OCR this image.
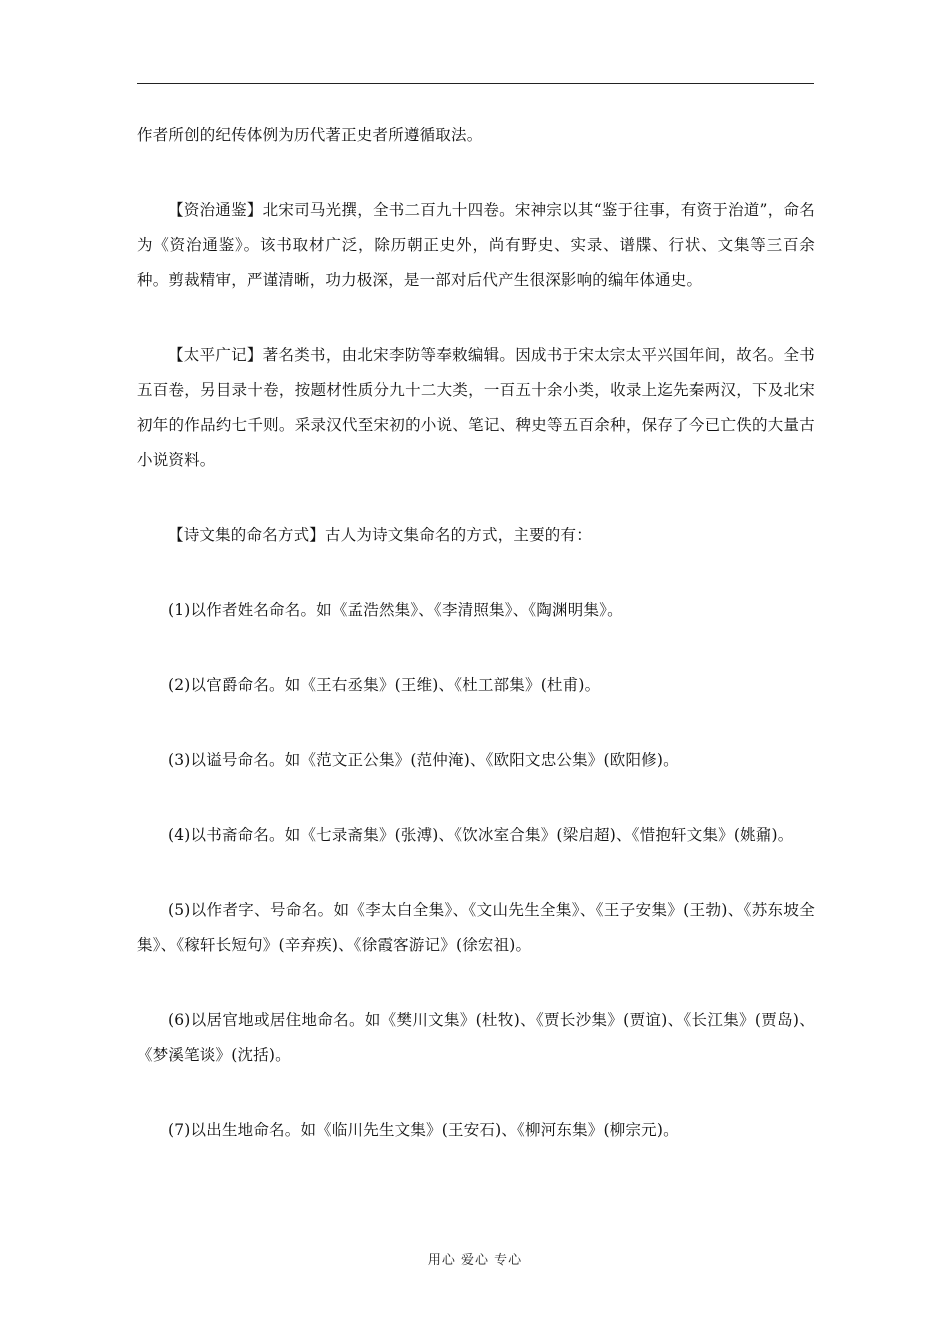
作者所创的纪传体例为历代著正史者所遵循取法。

【资治通鉴】北宋司马光撰，全书二百九十四卷。宋神宗以其“鉴于往事，有资于治道”，命名为《资治通鉴》。该书取材广泛，除历朝正史外，尚有野史、实录、谱牒、行状、文集等三百余种。剪裁精审，严谨清晰，功力极深，是一部对后代产生很深影响的编年体通史。

【太平广记】著名类书，由北宋李防等奉敕编辑。因成书于宋太宗太平兴国年间，故名。全书五百卷，另目录十卷，按题材性质分九十二大类，一百五十余小类，收录上迄先秦两汉，下及北宋初年的作品约七千则。采录汉代至宋初的小说、笔记、稗史等五百余种，保存了今已亡佚的大量古小说资料。

【诗文集的命名方式】古人为诗文集命名的方式，主要的有：

(1)以作者姓名命名。如《孟浩然集》、《李清照集》、《陶渊明集》。

(2)以官爵命名。如《王右丞集》(王维)、《杜工部集》(杜甫)。

(3)以谥号命名。如《范文正公集》(范仲淹)、《欧阳文忠公集》(欧阳修)。

(4)以书斋命名。如《七录斋集》(张溥)、《饮冰室合集》(梁启超)、《惜抱轩文集》(姚鼐)。

(5)以作者字、号命名。如《李太白全集》、《文山先生全集》、《王子安集》(王勃)、《苏东坡全集》、《稼轩长短句》(辛弃疾)、《徐霞客游记》(徐宏祖)。

(6)以居官地或居住地命名。如《樊川文集》(杜牧)、《贾长沙集》(贾谊)、《长江集》(贾岛)、《梦溪笔谈》(沈括)。

(7)以出生地命名。如《临川先生文集》(王安石)、《柳河东集》(柳宗元)。

用心 爱心 专心
